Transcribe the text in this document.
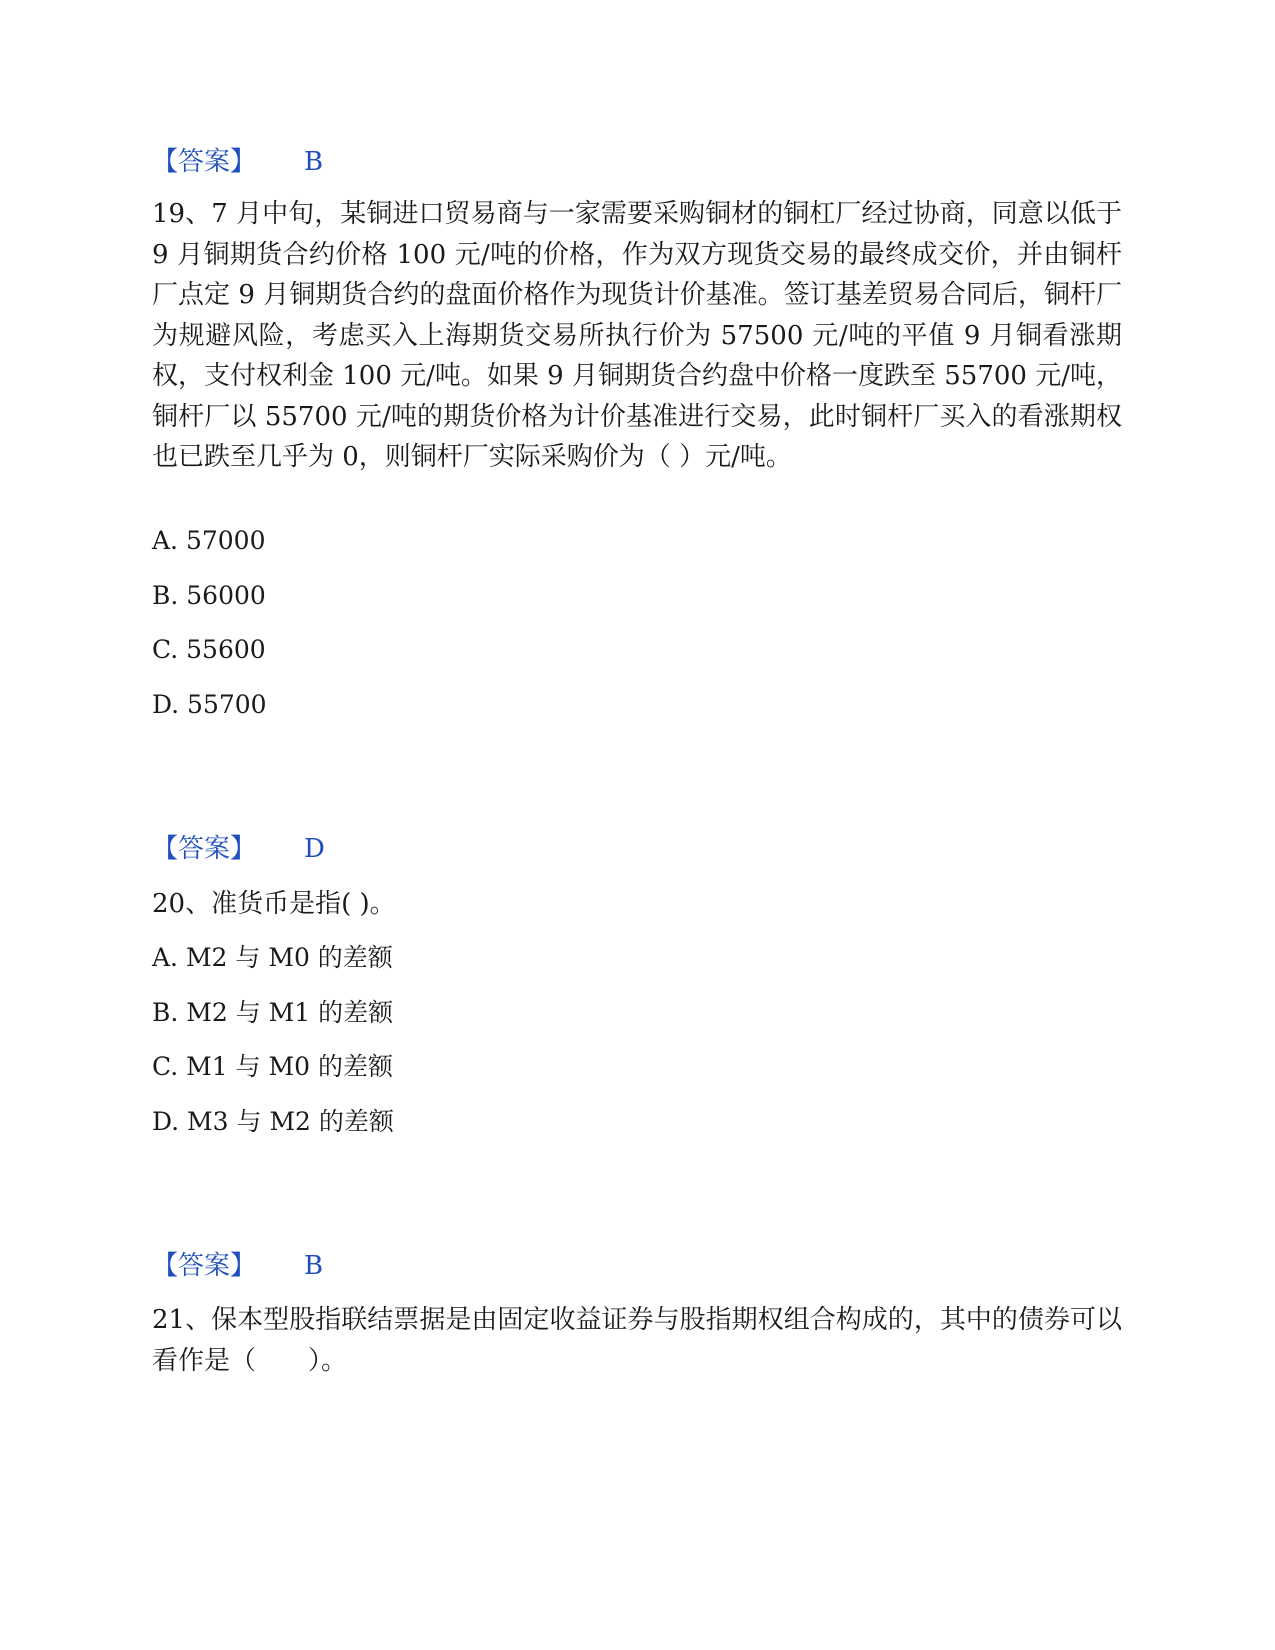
【答案】 B
19、7 月中旬，某铜进口贸易商与一家需要采购铜材的铜杠厂经过协商，同意以低于 9 月铜期货合约价格 100 元/吨的价格，作为双方现货交易的最终成交价，并由铜杆厂点定 9 月铜期货合约的盘面价格作为现货计价基准。签订基差贸易合同后，铜杆厂为规避风险，考虑买入上海期货交易所执行价为 57500 元/吨的平值 9 月铜看涨期权，支付权利金 100 元/吨。如果 9 月铜期货合约盘中价格一度跌至 55700 元/吨，铜杆厂以 55700 元/吨的期货价格为计价基准进行交易，此时铜杆厂买入的看涨期权也已跌至几乎为 0，则铜杆厂实际采购价为（ ）元/吨。
A. 57000
B. 56000
C. 55600
D. 55700
【答案】 D
20、准货币是指( )。
A. M2 与 M0 的差额
B. M2 与 M1 的差额
C. M1 与 M0 的差额
D. M3 与 M2 的差额
【答案】 B
21、保本型股指联结票据是由固定收益证券与股指期权组合构成的，其中的债券可以看作是（　　）。
